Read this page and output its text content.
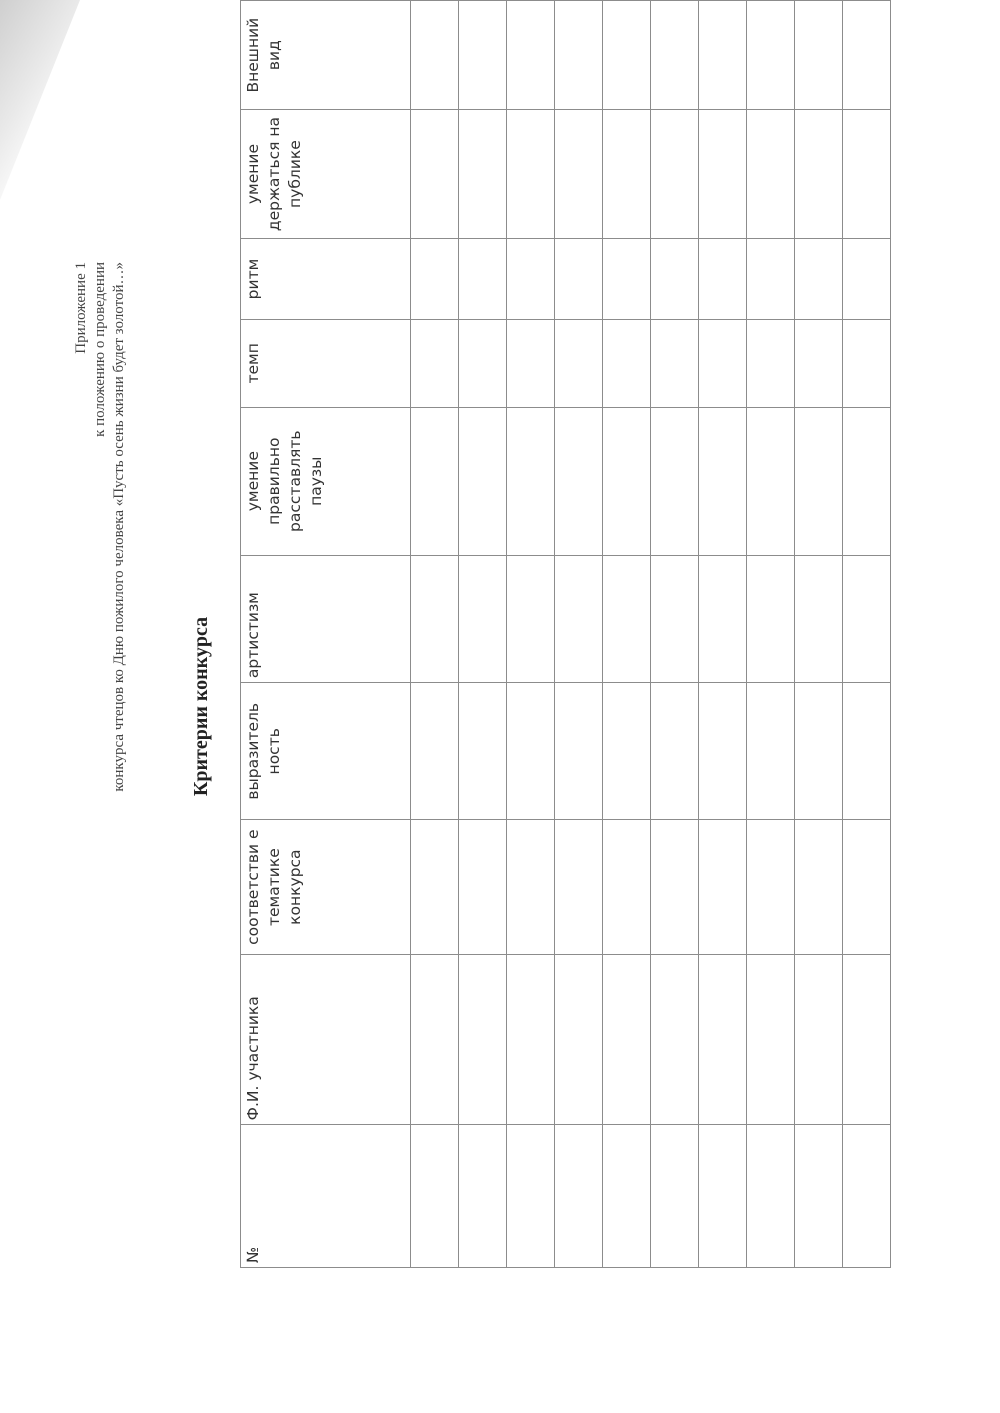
Приложение 1 к положению о проведении конкурса чтецов ко Дню пожилого человека «Пусть осень жизни будет золотой…»	Критерии конкурса
№	Ф.И. участника	соответстви е тематике конкурса	выразитель ность	артистизм	умение правильно расставлять паузы	темп	ритм	умение держаться на публике	Внешний вид
